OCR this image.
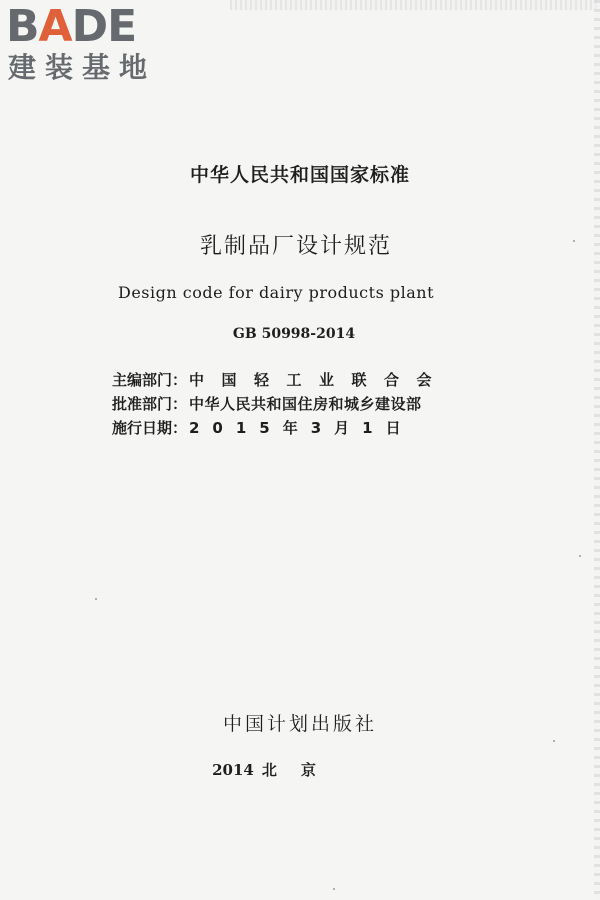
BADE
建装基地
中华人民共和国国家标准
乳制品厂设计规范
Design code for dairy products plant
GB 50998-2014
主编部门： 中国轻工业联合会
批准部门： 中华人民共和国住房和城乡建设部
施行日期： 2015年3月1日
中国计划出版社
2014 北京
